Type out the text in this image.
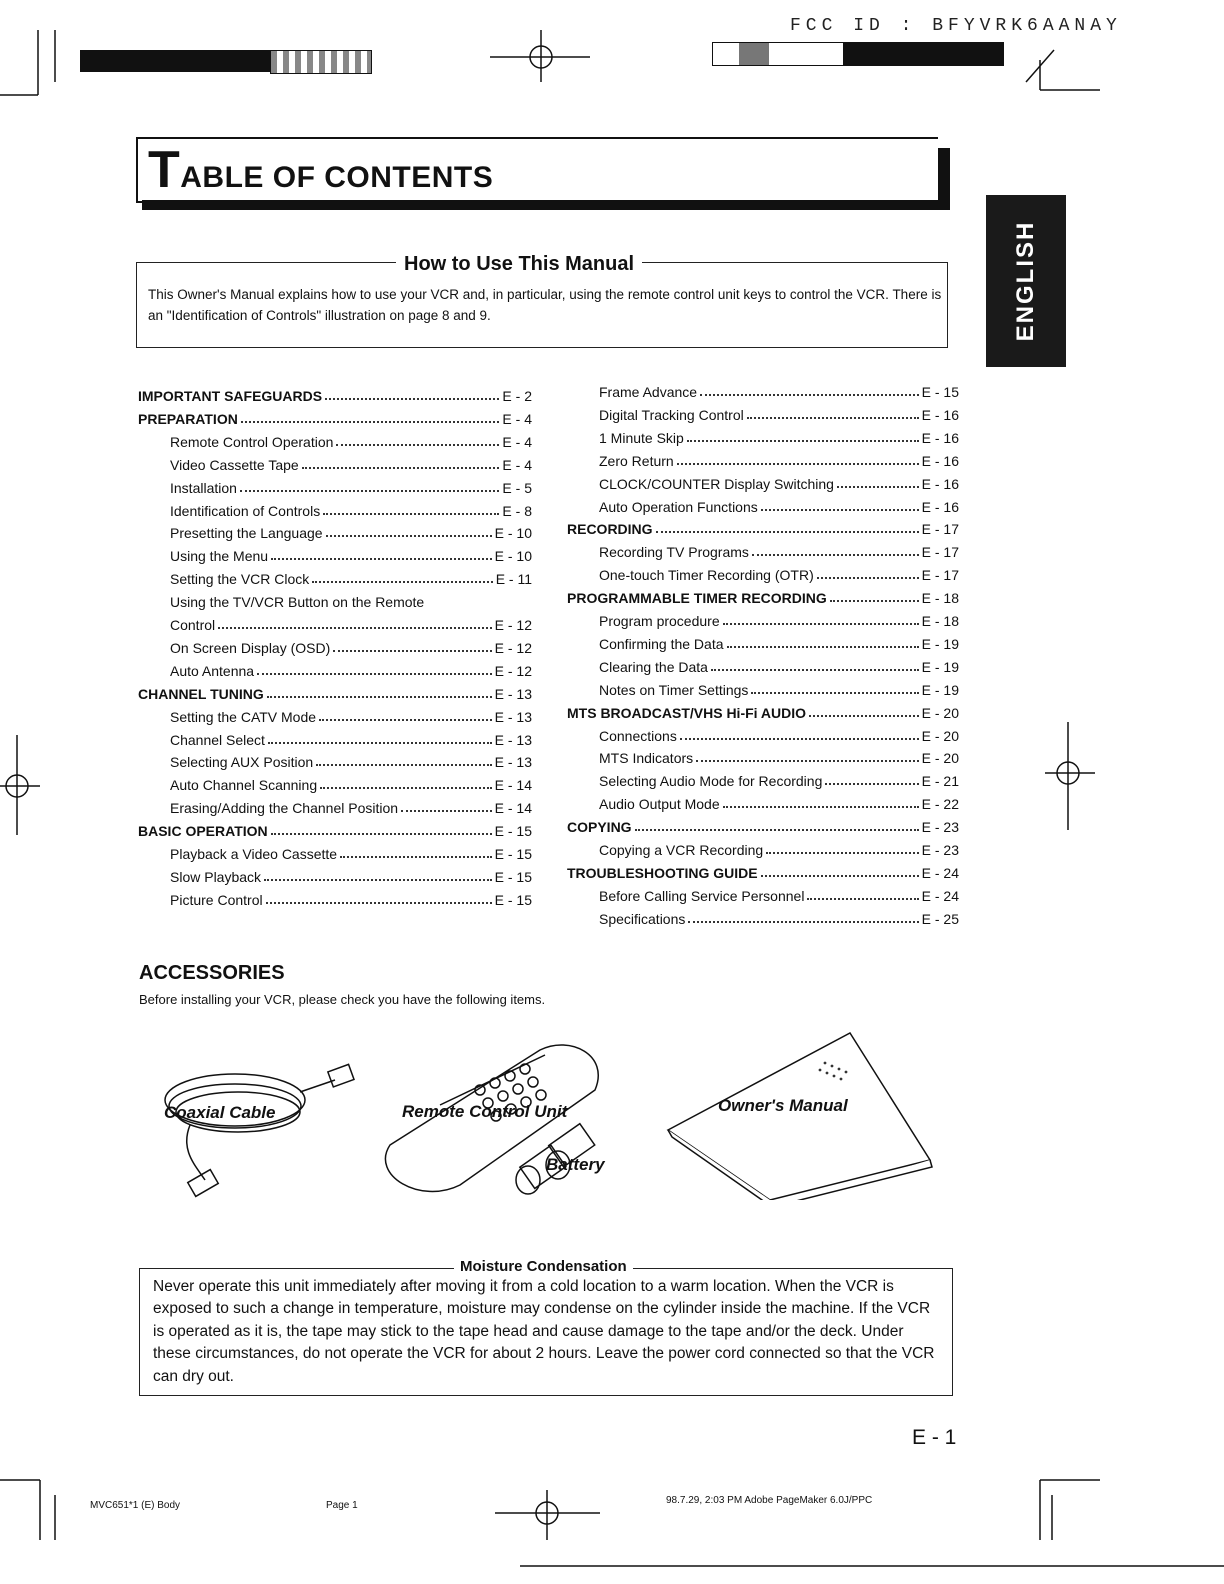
FCC ID : BFYVRK6AANAY
TABLE OF CONTENTS
ENGLISH
How to Use This Manual
This Owner's Manual explains how to use your VCR and, in particular, using the remote control unit keys to control the VCR. There is an "Identification of Controls" illustration on page 8 and 9.
IMPORTANT SAFEGUARDS	E - 2
PREPARATION	E - 4
Remote Control Operation	E - 4
Video Cassette Tape	E - 4
Installation	E - 5
Identification of Controls	E - 8
Presetting the Language	E - 10
Using the Menu	E - 10
Setting the VCR Clock	E - 11
Using the TV/VCR Button on the Remote
Control	E - 12
On Screen Display (OSD)	E - 12
Auto Antenna	E - 12
CHANNEL TUNING	E - 13
Setting the CATV Mode	E - 13
Channel Select	E - 13
Selecting AUX Position	E - 13
Auto Channel Scanning	E - 14
Erasing/Adding the Channel Position	E - 14
BASIC OPERATION	E - 15
Playback a Video Cassette	E - 15
Slow Playback	E - 15
Picture Control	E - 15
Frame Advance	E - 15
Digital Tracking Control	E - 16
1 Minute Skip	E - 16
Zero Return	E - 16
CLOCK/COUNTER Display Switching	E - 16
Auto Operation Functions	E - 16
RECORDING	E - 17
Recording TV Programs	E - 17
One-touch Timer Recording (OTR)	E - 17
PROGRAMMABLE TIMER RECORDING	E - 18
Program procedure	E - 18
Confirming the Data	E - 19
Clearing the Data	E - 19
Notes on Timer Settings	E - 19
MTS BROADCAST/VHS Hi-Fi AUDIO	E - 20
Connections	E - 20
MTS Indicators	E - 20
Selecting Audio Mode for Recording	E - 21
Audio Output Mode	E - 22
COPYING	E - 23
Copying a VCR Recording	E - 23
TROUBLESHOOTING GUIDE	E - 24
Before Calling Service Personnel	E - 24
Specifications	E - 25
ACCESSORIES
Before installing your VCR, please check you have the following items.
Coaxial Cable	Remote Control Unit
Battery
Owner's Manual
Moisture Condensation
Never operate this unit immediately after moving it from a cold location to a warm location. When the VCR is exposed to such a change in temperature, moisture may condense on the cylinder inside the machine. If the VCR is operated as it is, the tape may stick to the tape head and cause damage to the tape and/or the deck. Under these circumstances, do not operate the VCR for about 2 hours. Leave the power cord connected so that the VCR can dry out.
E - 1
MVC651*1 (E) Body	Page 1	98.7.29, 2:03 PM Adobe PageMaker 6.0J/PPC
